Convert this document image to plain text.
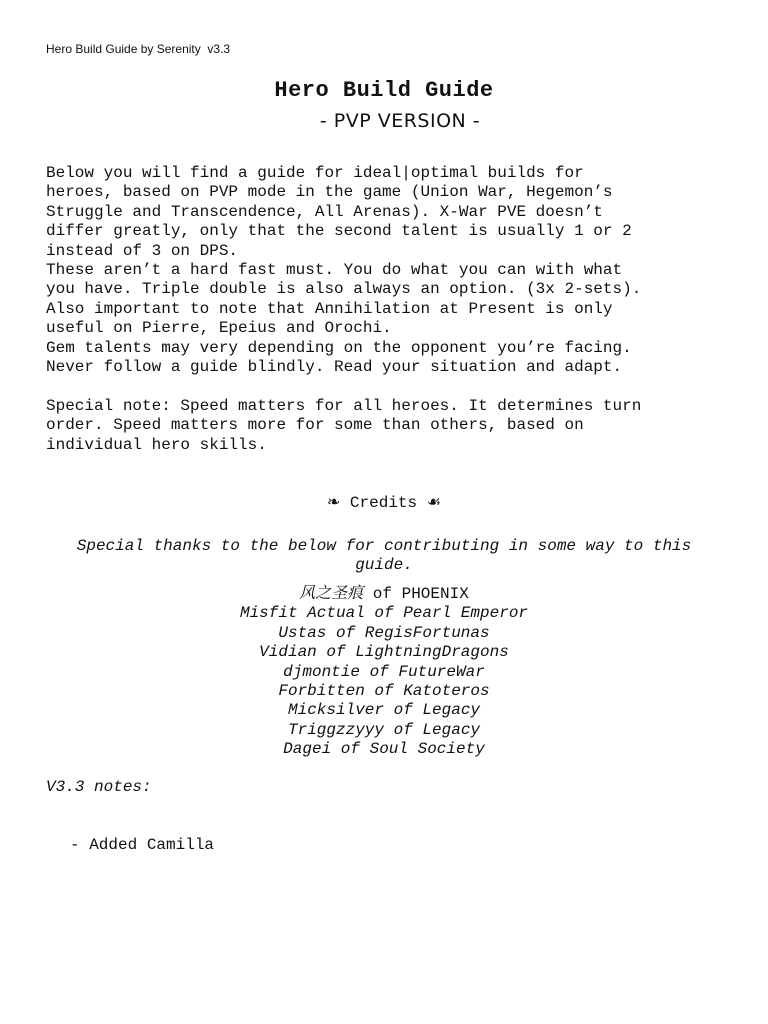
Hero Build Guide by Serenity  v3.3
Hero Build Guide
- PVP VERSION -
Below you will find a guide for ideal|optimal builds for
heroes, based on PVP mode in the game (Union War, Hegemon’s
Struggle and Transcendence, All Arenas). X-War PVE doesn’t
differ greatly, only that the second talent is usually 1 or 2
instead of 3 on DPS.
These aren’t a hard fast must. You do what you can with what
you have. Triple double is also always an option. (3x 2-sets).
Also important to note that Annihilation at Present is only
useful on Pierre, Epeius and Orochi.
Gem talents may very depending on the opponent you’re facing.
Never follow a guide blindly. Read your situation and adapt.
Special note: Speed matters for all heroes. It determines turn
order. Speed matters more for some than others, based on
individual hero skills.
❧ Credits ☙
Special thanks to the below for contributing in some way to this guide.
风之圣痕 of PHOENIX
Misfit Actual of Pearl Emperor
Ustas of RegisFortunas
Vidian of LightningDragons
djmontie of FutureWar
Forbitten of Katoteros
Micksilver of Legacy
Triggzzyyy of Legacy
Dagei of Soul Society
V3.3 notes:

- Added Camilla
